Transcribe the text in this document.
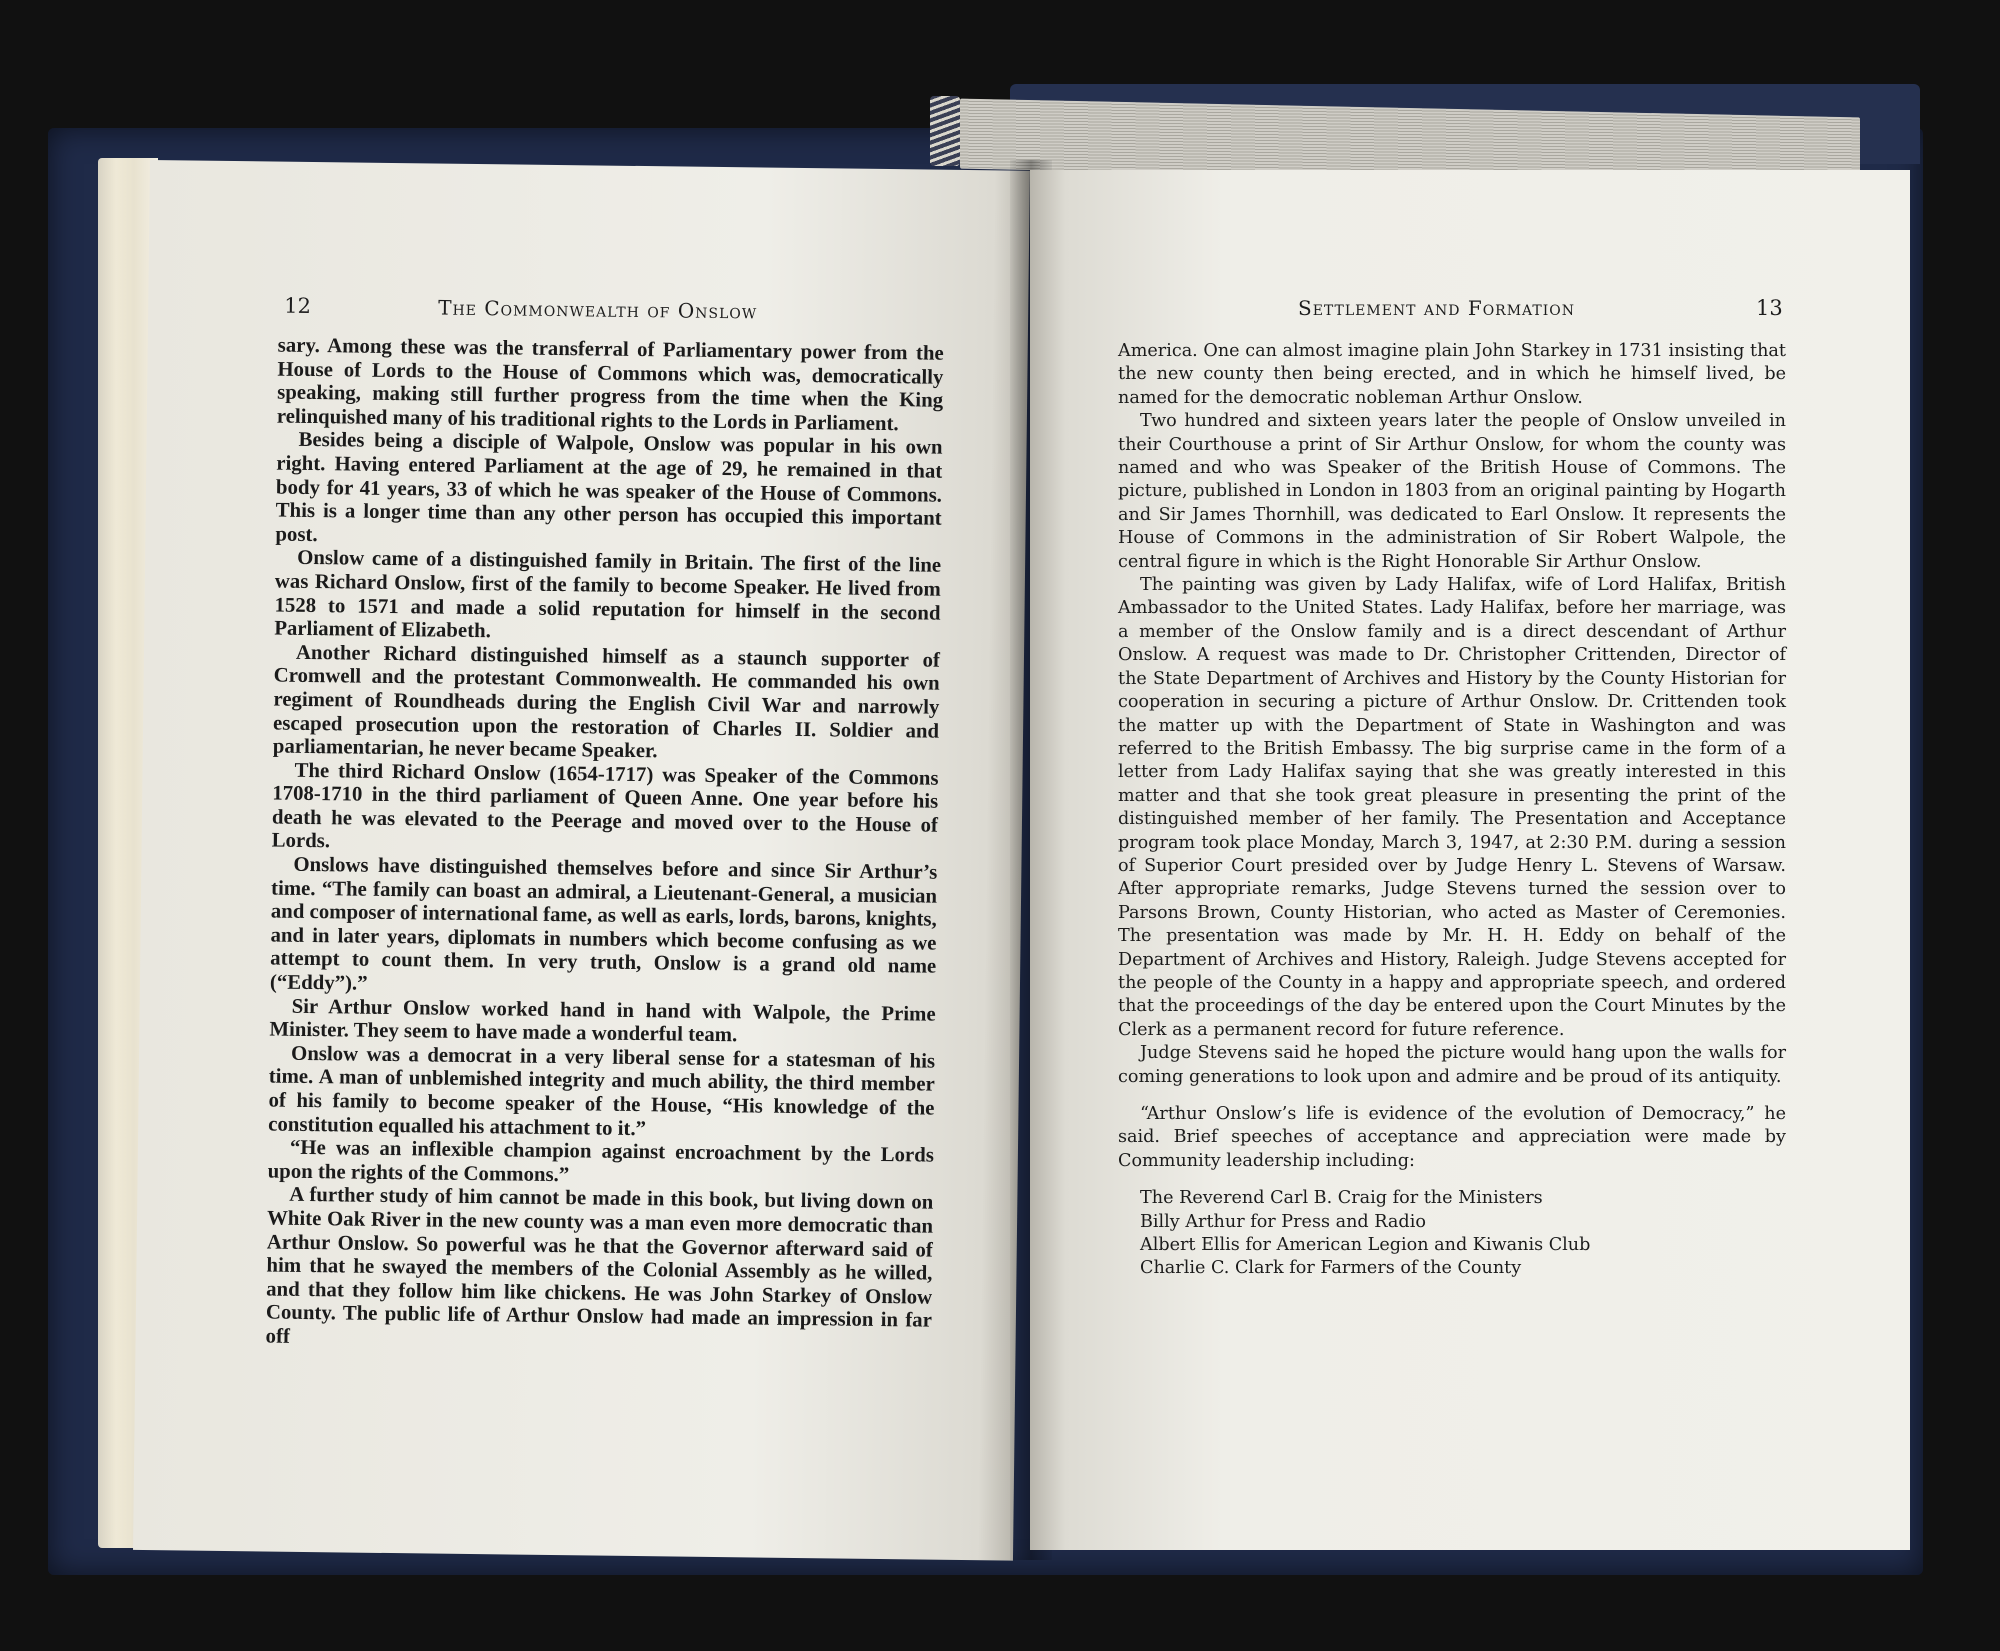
12	The Commonwealth of Onslow

sary. Among these was the transferral of Parliamentary power from the House of Lords to the House of Commons which was, democratically speaking, making still further progress from the time when the King relinquished many of his traditional rights to the Lords in Parliament.

Besides being a disciple of Walpole, Onslow was popular in his own right. Having entered Parliament at the age of 29, he remained in that body for 41 years, 33 of which he was speaker of the House of Commons. This is a longer time than any other person has occupied this important post.

Onslow came of a distinguished family in Britain. The first of the line was Richard Onslow, first of the family to become Speaker. He lived from 1528 to 1571 and made a solid reputation for himself in the second Parliament of Elizabeth.

Another Richard distinguished himself as a staunch supporter of Cromwell and the protestant Commonwealth. He commanded his own regiment of Roundheads during the English Civil War and narrowly escaped prosecution upon the restoration of Charles II. Soldier and parliamentarian, he never became Speaker.

The third Richard Onslow (1654-1717) was Speaker of the Commons 1708-1710 in the third parliament of Queen Anne. One year before his death he was elevated to the Peerage and moved over to the House of Lords.

Onslows have distinguished themselves before and since Sir Arthur’s time. “The family can boast an admiral, a Lieutenant-General, a musician and composer of international fame, as well as earls, lords, barons, knights, and in later years, diplomats in numbers which become confusing as we attempt to count them. In very truth, Onslow is a grand old name (“Eddy”).”

Sir Arthur Onslow worked hand in hand with Walpole, the Prime Minister. They seem to have made a wonderful team.

Onslow was a democrat in a very liberal sense for a statesman of his time. A man of unblemished integrity and much ability, the third member of his family to become speaker of the House, “His knowledge of the constitution equalled his attachment to it.”

“He was an inflexible champion against encroachment by the Lords upon the rights of the Commons.”

A further study of him cannot be made in this book, but living down on White Oak River in the new county was a man even more democratic than Arthur Onslow. So powerful was he that the Governor afterward said of him that he swayed the members of the Colonial Assembly as he willed, and that they follow him like chickens. He was John Starkey of Onslow County. The public life of Arthur Onslow had made an impression in far off

Settlement and Formation	13

America. One can almost imagine plain John Starkey in 1731 insisting that the new county then being erected, and in which he himself lived, be named for the democratic nobleman Arthur Onslow.

Two hundred and sixteen years later the people of Onslow unveiled in their Courthouse a print of Sir Arthur Onslow, for whom the county was named and who was Speaker of the British House of Commons. The picture, published in London in 1803 from an original painting by Hogarth and Sir James Thornhill, was dedicated to Earl Onslow. It represents the House of Commons in the administration of Sir Robert Walpole, the central figure in which is the Right Honorable Sir Arthur Onslow.

The painting was given by Lady Halifax, wife of Lord Halifax, British Ambassador to the United States. Lady Halifax, before her marriage, was a member of the Onslow family and is a direct descendant of Arthur Onslow. A request was made to Dr. Christopher Crittenden, Director of the State Department of Archives and History by the County Historian for cooperation in securing a picture of Arthur Onslow. Dr. Crittenden took the matter up with the Department of State in Washington and was referred to the British Embassy. The big surprise came in the form of a letter from Lady Halifax saying that she was greatly interested in this matter and that she took great pleasure in presenting the print of the distinguished member of her family. The Presentation and Acceptance program took place Monday, March 3, 1947, at 2:30 P.M. during a session of Superior Court presided over by Judge Henry L. Stevens of Warsaw. After appropriate remarks, Judge Stevens turned the session over to Parsons Brown, County Historian, who acted as Master of Ceremonies. The presentation was made by Mr. H. H. Eddy on behalf of the Department of Archives and History, Raleigh. Judge Stevens accepted for the people of the County in a happy and appropriate speech, and ordered that the proceedings of the day be entered upon the Court Minutes by the Clerk as a permanent record for future reference.

Judge Stevens said he hoped the picture would hang upon the walls for coming generations to look upon and admire and be proud of its antiquity.

“Arthur Onslow’s life is evidence of the evolution of Democracy,” he said. Brief speeches of acceptance and appreciation were made by Community leadership including:

The Reverend Carl B. Craig for the Ministers

Billy Arthur for Press and Radio

Albert Ellis for American Legion and Kiwanis Club

Charlie C. Clark for Farmers of the County
